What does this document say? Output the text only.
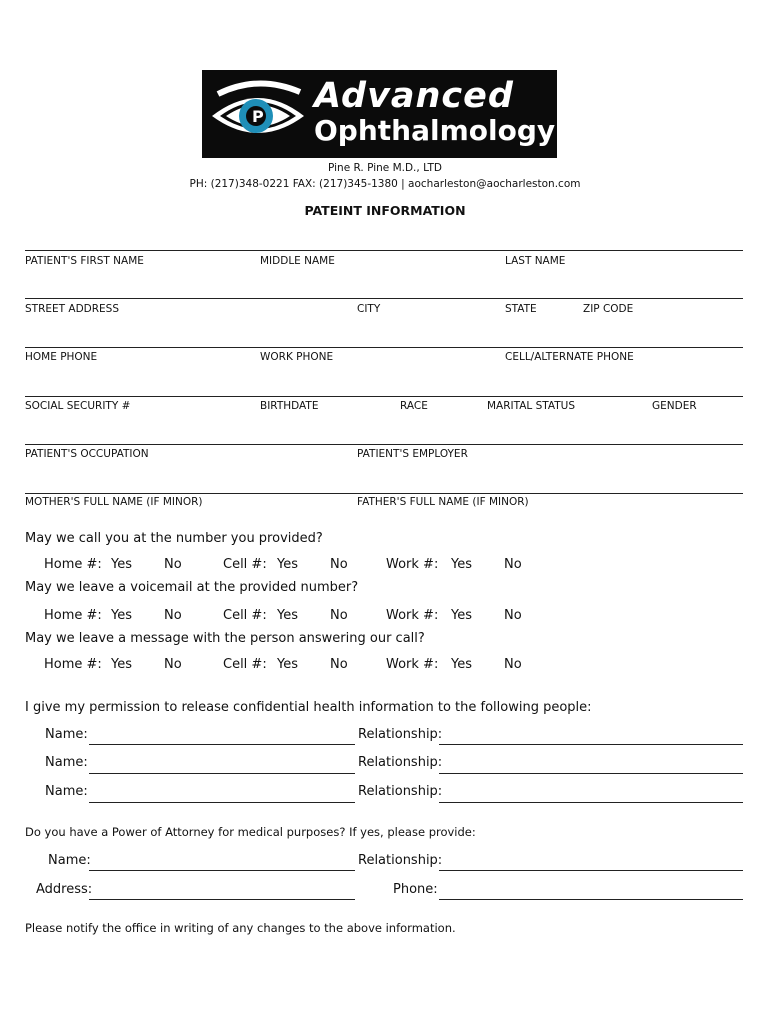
P
Advanced
Ophthalmology
Pine R. Pine M.D., LTD
PH: (217)348-0221 FAX: (217)345-1380 | aocharleston@aocharleston.com
PATEINT INFORMATION
PATIENT'S FIRST NAME	MIDDLE NAME	LAST NAME
STREET ADDRESS	CITY	STATE	ZIP CODE
HOME PHONE	WORK PHONE	CELL/ALTERNATE PHONE
SOCIAL SECURITY #	BIRTHDATE	RACE	MARITAL STATUS	GENDER
PATIENT'S OCCUPATION	PATIENT'S EMPLOYER
MOTHER'S FULL NAME (IF MINOR)	FATHER'S FULL NAME (IF MINOR)
May we call you at the number you provided?
Home #: Yes No	Cell #: Yes No	Work #: Yes No
May we leave a voicemail at the provided number?
Home #: Yes No	Cell #: Yes No	Work #: Yes No
May we leave a message with the person answering our call?
Home #: Yes No	Cell #: Yes No	Work #: Yes No
I give my permission to release confidential health information to the following people:
Name:	Relationship:
Name:	Relationship:
Name:	Relationship:
Do you have a Power of Attorney for medical purposes? If yes, please provide:
Name:	Relationship:
Address:	Phone:
Please notify the office in writing of any changes to the above information.
